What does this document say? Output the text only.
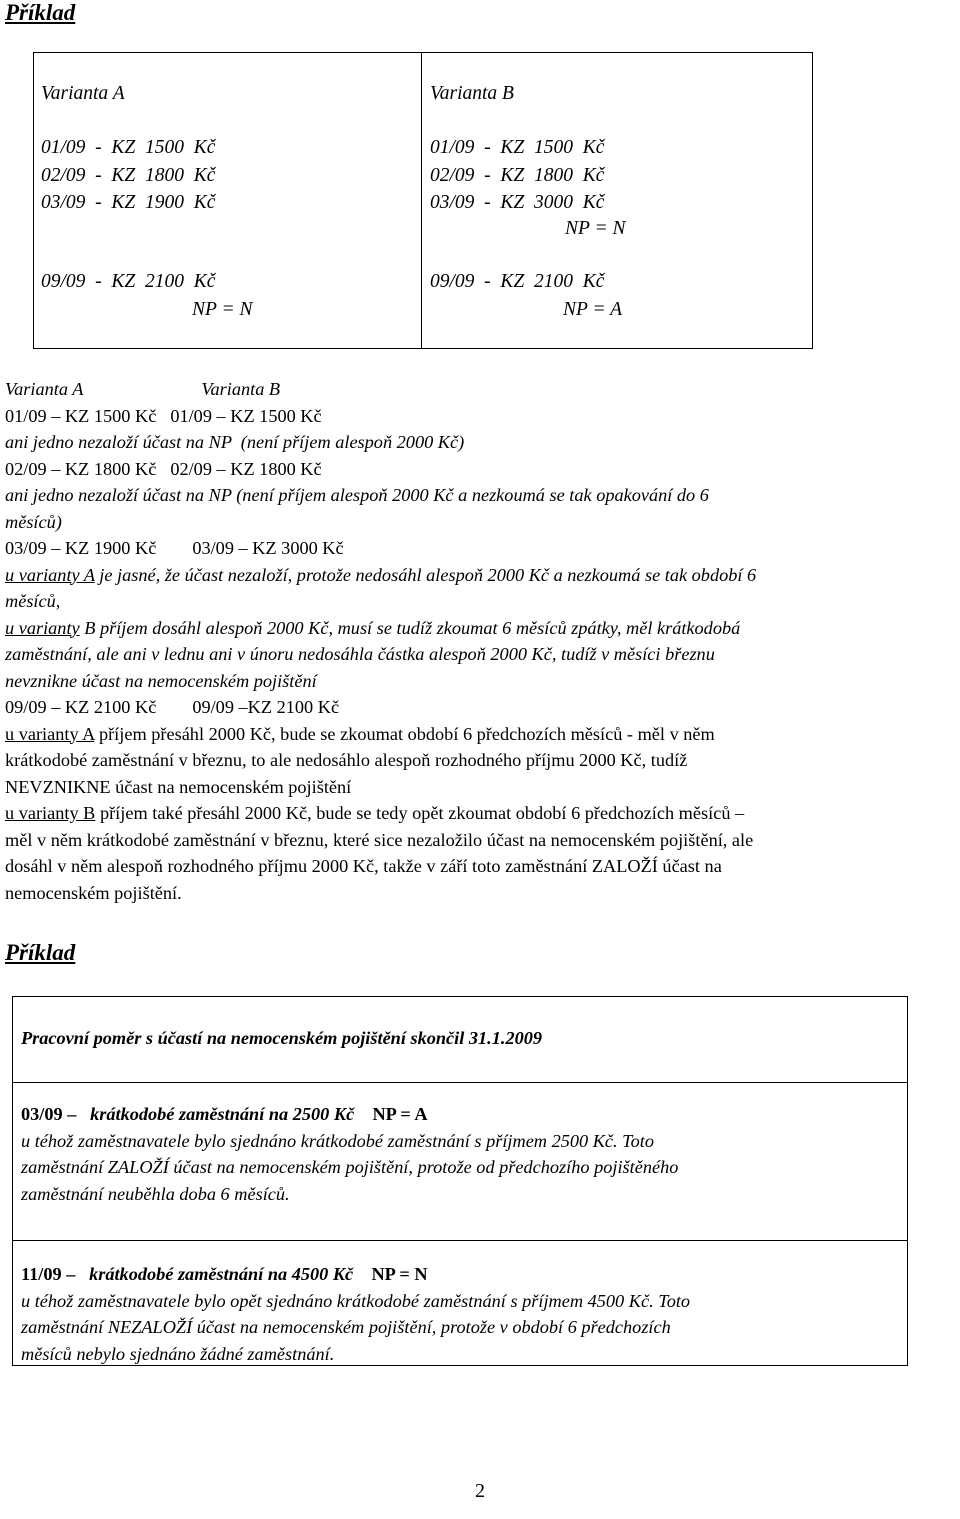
Příklad
Varianta A
01/09  -  KZ  1500  Kč
02/09  -  KZ  1800  Kč
03/09  -  KZ  1900  Kč
09/09  -  KZ  2100  Kč
NP = N
Varianta B
01/09  -  KZ  1500  Kč
02/09  -  KZ  1800  Kč
03/09  -  KZ  3000  Kč
NP = N
09/09  -  KZ  2100  Kč
NP = A
Varianta A	Varianta B
01/09 – KZ 1500 Kč 01/09 – KZ 1500 Kč
ani jedno nezaloží účast na NP  (není příjem alespoň 2000 Kč)
02/09 – KZ 1800 Kč 02/09 – KZ 1800 Kč
ani jedno nezaloží účast na NP (není příjem alespoň 2000 Kč a nezkoumá se tak opakování do 6
měsíců)
03/09 – KZ 1900 Kč 03/09 – KZ 3000 Kč
u varianty A je jasné, že účast nezaloží, protože nedosáhl alespoň 2000 Kč a nezkoumá se tak období 6
měsíců,
u varianty B příjem dosáhl alespoň 2000 Kč, musí se tudíž zkoumat 6 měsíců zpátky, měl krátkodobá
zaměstnání, ale ani v lednu ani v únoru nedosáhla částka alespoň 2000 Kč, tudíž v měsíci březnu
nevznikne účast na nemocenském pojištění
09/09 – KZ 2100 Kč 09/09 –KZ 2100 Kč
u varianty A příjem přesáhl 2000 Kč, bude se zkoumat období 6 předchozích měsíců - měl v něm
krátkodobé zaměstnání v březnu, to ale nedosáhlo alespoň rozhodného příjmu 2000 Kč, tudíž
NEVZNIKNE účast na nemocenském pojištění
u varianty B příjem také přesáhl 2000 Kč, bude se tedy opět zkoumat období 6 předchozích měsíců –
měl v něm krátkodobé zaměstnání v březnu, které sice nezaložilo účast na nemocenském pojištění, ale
dosáhl v něm alespoň rozhodného příjmu 2000 Kč, takže v září toto zaměstnání ZALOŽÍ účast na
nemocenském pojištění.
Příklad
Pracovní poměr s účastí na nemocenském pojištění skončil 31.1.2009
03/09 – krátkodobé zaměstnání na 2500 Kč NP = A
u téhož zaměstnavatele bylo sjednáno krátkodobé zaměstnání s příjmem 2500 Kč. Toto
zaměstnání ZALOŽÍ účast na nemocenském pojištění, protože od předchozího pojištěného
zaměstnání neuběhla doba 6 měsíců.
11/09 – krátkodobé zaměstnání na 4500 Kč NP = N
u téhož zaměstnavatele bylo opět sjednáno krátkodobé zaměstnání s příjmem 4500 Kč. Toto
zaměstnání NEZALOŽÍ účast na nemocenském pojištění, protože v období 6 předchozích
měsíců nebylo sjednáno žádné zaměstnání.
2
